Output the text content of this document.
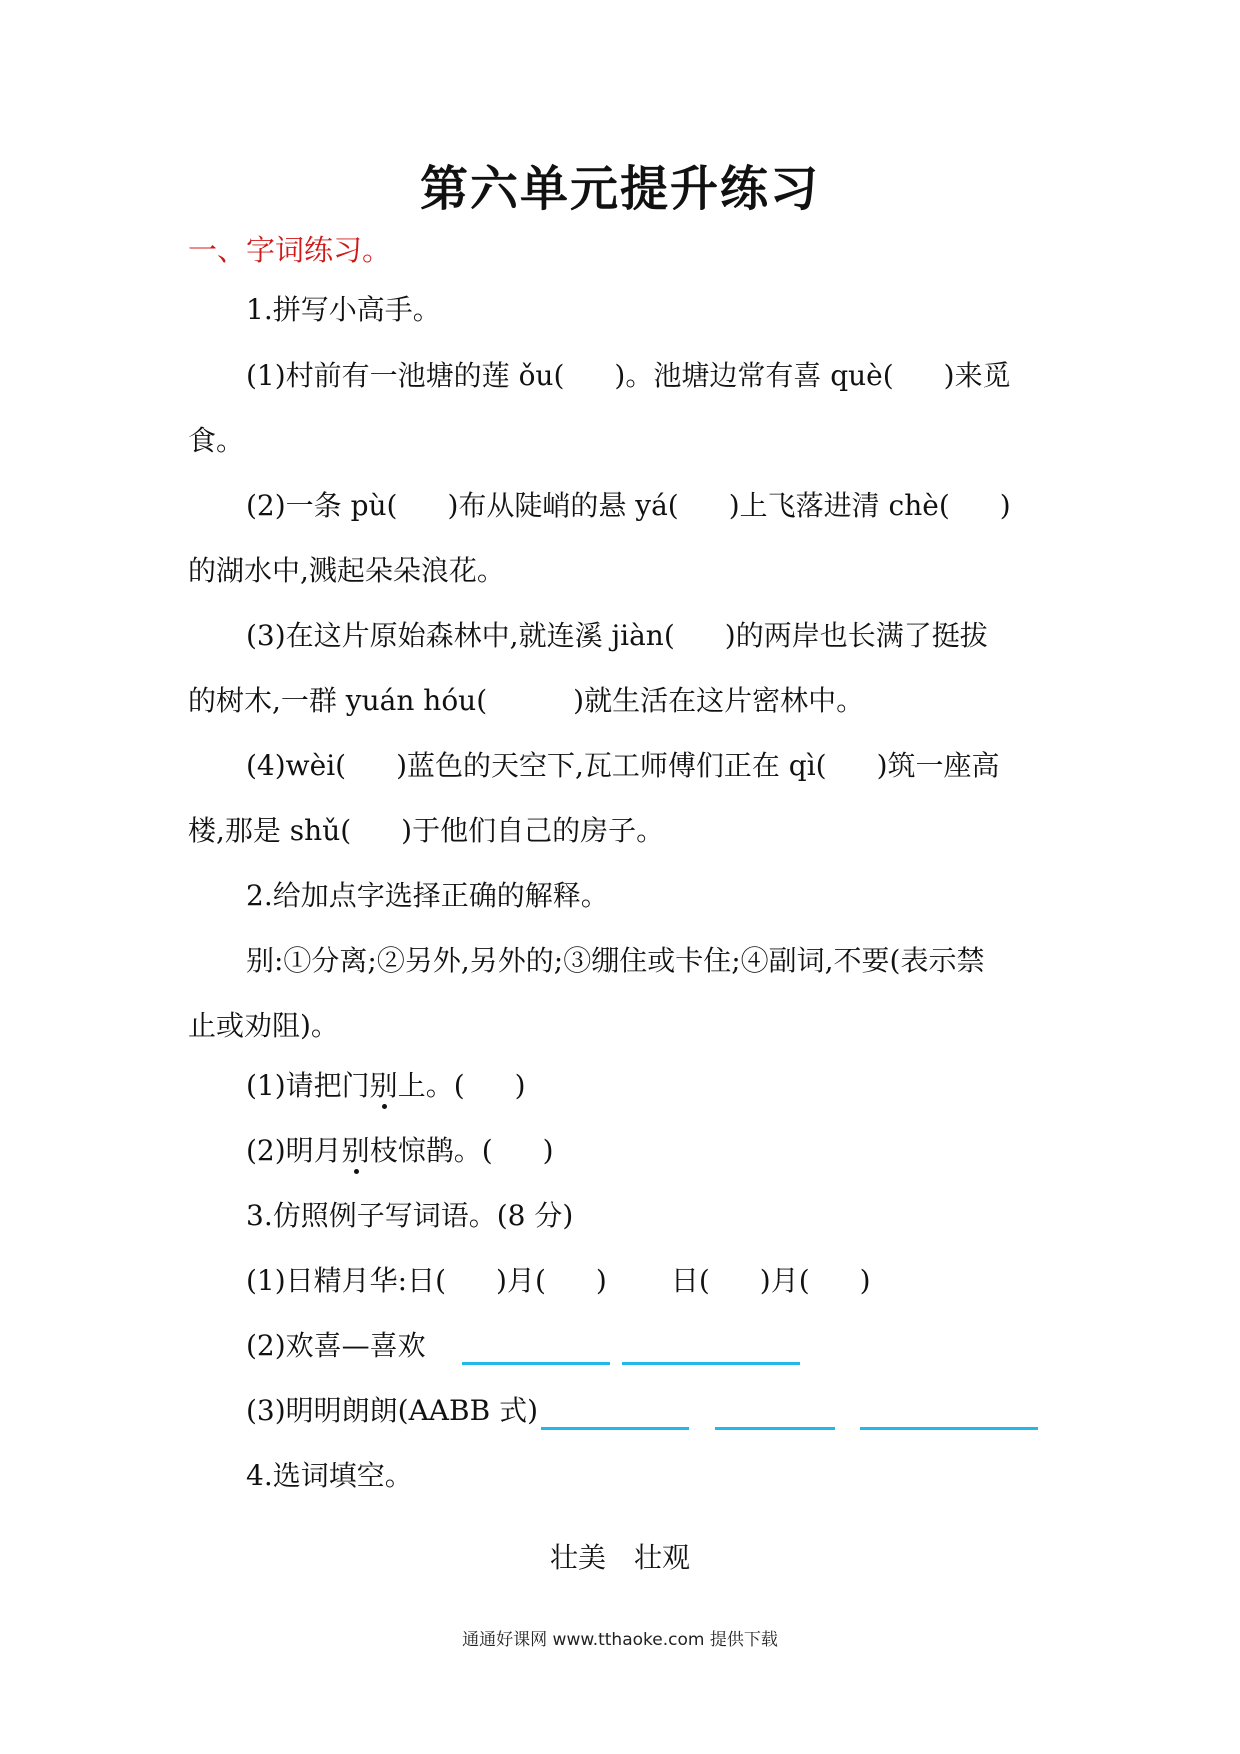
第六单元提升练习
一、字词练习。
1.拼写小高手。
(1)村前有一池塘的莲 ǒu( )。池塘边常有喜 què( )来觅
食。
(2)一条 pù( )布从陡峭的悬 yá( )上飞落进清 chè( )
的湖水中,溅起朵朵浪花。
(3)在这片原始森林中,就连溪 jiàn( )的两岸也长满了挺拔
的树木,一群 yuán hóu(	)就生活在这片密林中。
(4)wèi( )蓝色的天空下,瓦工师傅们正在 qì( )筑一座高
楼,那是 shǔ( )于他们自己的房子。
2.给加点字选择正确的解释。
别:①分离;②另外,另外的;③绷住或卡住;④副词,不要(表示禁
止或劝阻)。
(1)请把门别上。( )
(2)明月别枝惊鹊。( )
3.仿照例子写词语。(8 分)
(1)日精月华:日( )月( ) 日( )月( )
(2)欢喜—喜欢
(3)明明朗朗(AABB 式)
4.选词填空。
壮美 壮观
通通好课网 www.tthaoke.com 提供下载
